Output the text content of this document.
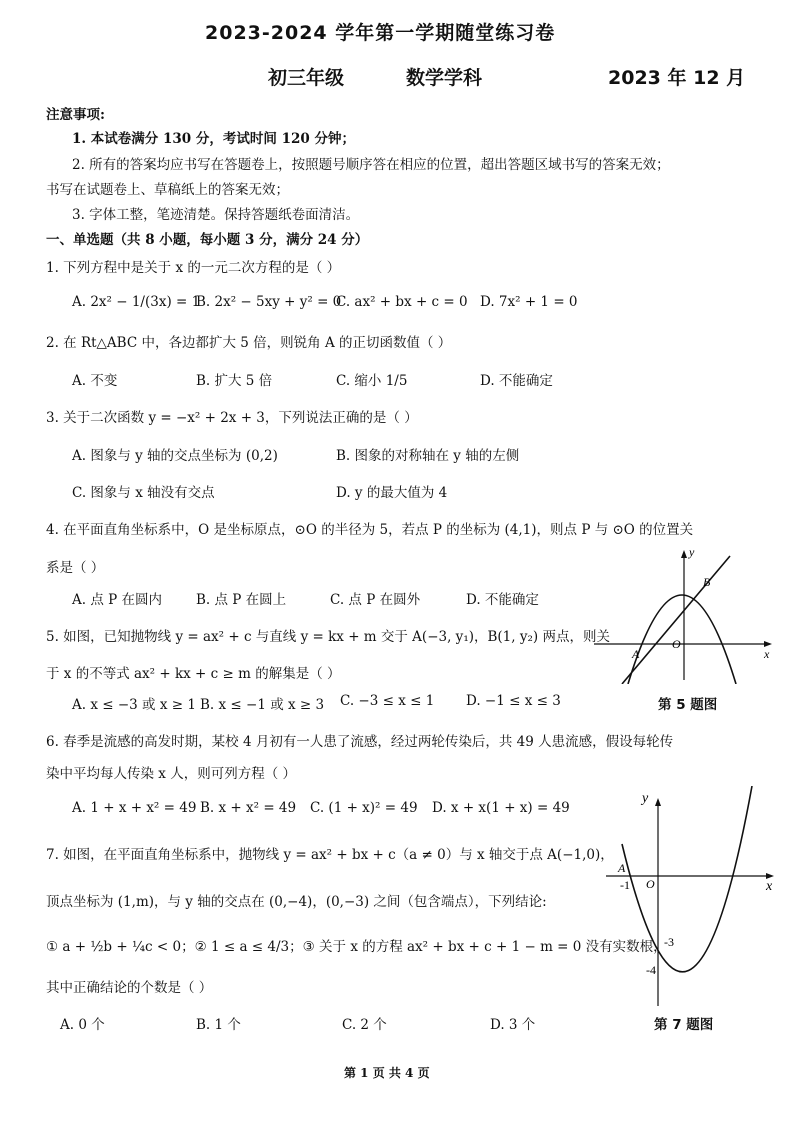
2023-2024 学年第一学期随堂练习卷
初三年级	数学学科	2023 年 12 月
注意事项:
1. 本试卷满分 130 分，考试时间 120 分钟；
2. 所有的答案均应书写在答题卷上，按照题号顺序答在相应的位置，超出答题区域书写的答案无效；
书写在试题卷上、草稿纸上的答案无效；
3. 字体工整，笔迹清楚。保持答题纸卷面清洁。
一、单选题（共 8 小题，每小题 3 分，满分 24 分）
1. 下列方程中是关于 x 的一元二次方程的是（ ）
A. 2x² − 1/(3x) = 1
B. 2x² − 5xy + y² = 0
C. ax² + bx + c = 0 D. 7x² + 1 = 0
2. 在 Rt△ABC 中，各边都扩大 5 倍，则锐角 A 的正切函数值（ ）
A. 不变	B. 扩大 5 倍	C. 缩小 1/5	D. 不能确定
3. 关于二次函数 y = −x² + 2x + 3，下列说法正确的是（ ）
A. 图象与 y 轴的交点坐标为 (0,2)	B. 图象的对称轴在 y 轴的左侧
C. 图象与 x 轴没有交点	D. y 的最大值为 4
4. 在平面直角坐标系中，O 是坐标原点，⊙O 的半径为 5，若点 P 的坐标为 (4,1)，则点 P 与 ⊙O 的位置关
系是（ ）
A. 点 P 在圆内	B. 点 P 在圆上	C. 点 P 在圆外	D. 不能确定
y
x
B
O
A
5. 如图，已知抛物线 y = ax² + c 与直线 y = kx + m 交于 A(−3, y₁)，B(1, y₂) 两点，则关
于 x 的不等式 ax² + kx + c ≥ m 的解集是（ ）
A. x ≤ −3 或 x ≥ 1 B. x ≤ −1 或 x ≥ 3 C. −3 ≤ x ≤ 1 D. −1 ≤ x ≤ 3	第 5 题图
6. 春季是流感的高发时期，某校 4 月初有一人患了流感，经过两轮传染后，共 49 人患流感，假设每轮传
染中平均每人传染 x 人，则可列方程（ ）
A. 1 + x + x² = 49 B. x + x² = 49 C. (1 + x)² = 49 D. x + x(1 + x) = 49
y
x
A
-1 O
-3
-4
7. 如图，在平面直角坐标系中，抛物线 y = ax² + bx + c（a ≠ 0）与 x 轴交于点 A(−1,0)，
顶点坐标为 (1,m)，与 y 轴的交点在 (0,−4)，(0,−3) 之间（包含端点），下列结论:
① a + ½b + ¼c < 0；② 1 ≤ a ≤ 4/3；③ 关于 x 的方程 ax² + bx + c + 1 − m = 0 没有实数根，
其中正确结论的个数是（ ）
A. 0 个	B. 1 个	C. 2 个	D. 3 个	第 7 题图
第 1 页 共 4 页
